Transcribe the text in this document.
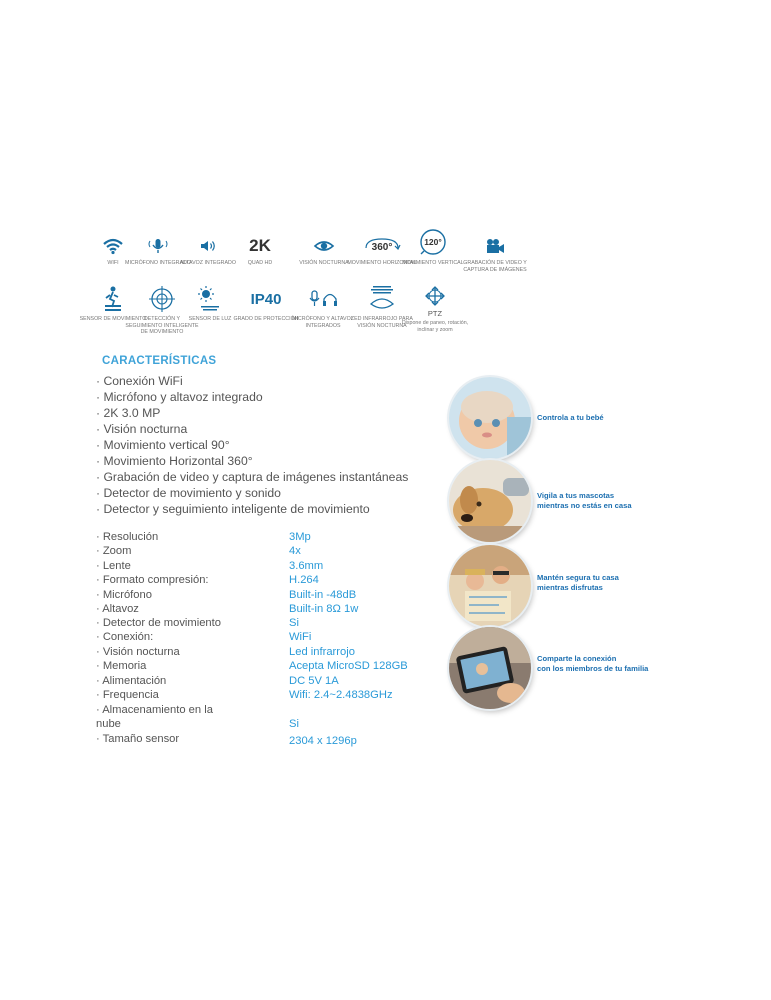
WIFI	MICRÓFONO INTEGRADO
ALTAVOZ INTEGRADO
2K
QUAD HD	VISIÓN NOCTURNA
360°
MOVIMIENTO HORIZONTAL
120°
MOVIMIENTO VERTICAL GRABACIÓN DE VIDEO Y CAPTURA DE IMÁGENES
SENSOR DE MOVIMIENTO
DETECCIÓN Y SEGUIMIENTO INTELIGENTE DE MOVIMIENTO
SENSOR DE LUZ
IP40
GRADO DE PROTECCIÓN
MICRÓFONO Y ALTAVOZ INTEGRADOS
LED INFRARROJO PARA VISIÓN NOCTURNA
PTZ
Dispone de paneo, rotación, inclinar y zoom
CARACTERÍSTICAS
· Conexión WiFi
· Micrófono y altavoz integrado
· 2K 3.0 MP
· Visión nocturna
· Movimiento vertical 90°
· Movimiento Horizontal 360°
· Grabación de video y captura de imágenes instantáneas
· Detector de movimiento y sonido
· Detector y seguimiento inteligente de movimiento
· Resolución	3Mp
· Zoom	4x
· Lente	3.6mm
· Formato compresión:	H.264
· Micrófono	Built-in -48dB
· Altavoz	Built-in 8Ω 1w
· Detector de movimiento	Si
· Conexión:	WiFi
· Visión nocturna	Led infrarrojo
· Memoria	Acepta MicroSD 128GB
· Alimentación	DC 5V 1A
· Frequencia	Wifi: 2.4~2.4838GHz
· Almacenamiento en la
nube	Si
· Tamaño sensor	2304 x 1296p
Controla a tu bebé
Vigila a tus mascotas
mientras no estás en casa
Mantén segura tu casa
mientras disfrutas
Comparte la conexión
con los miembros de tu familia
